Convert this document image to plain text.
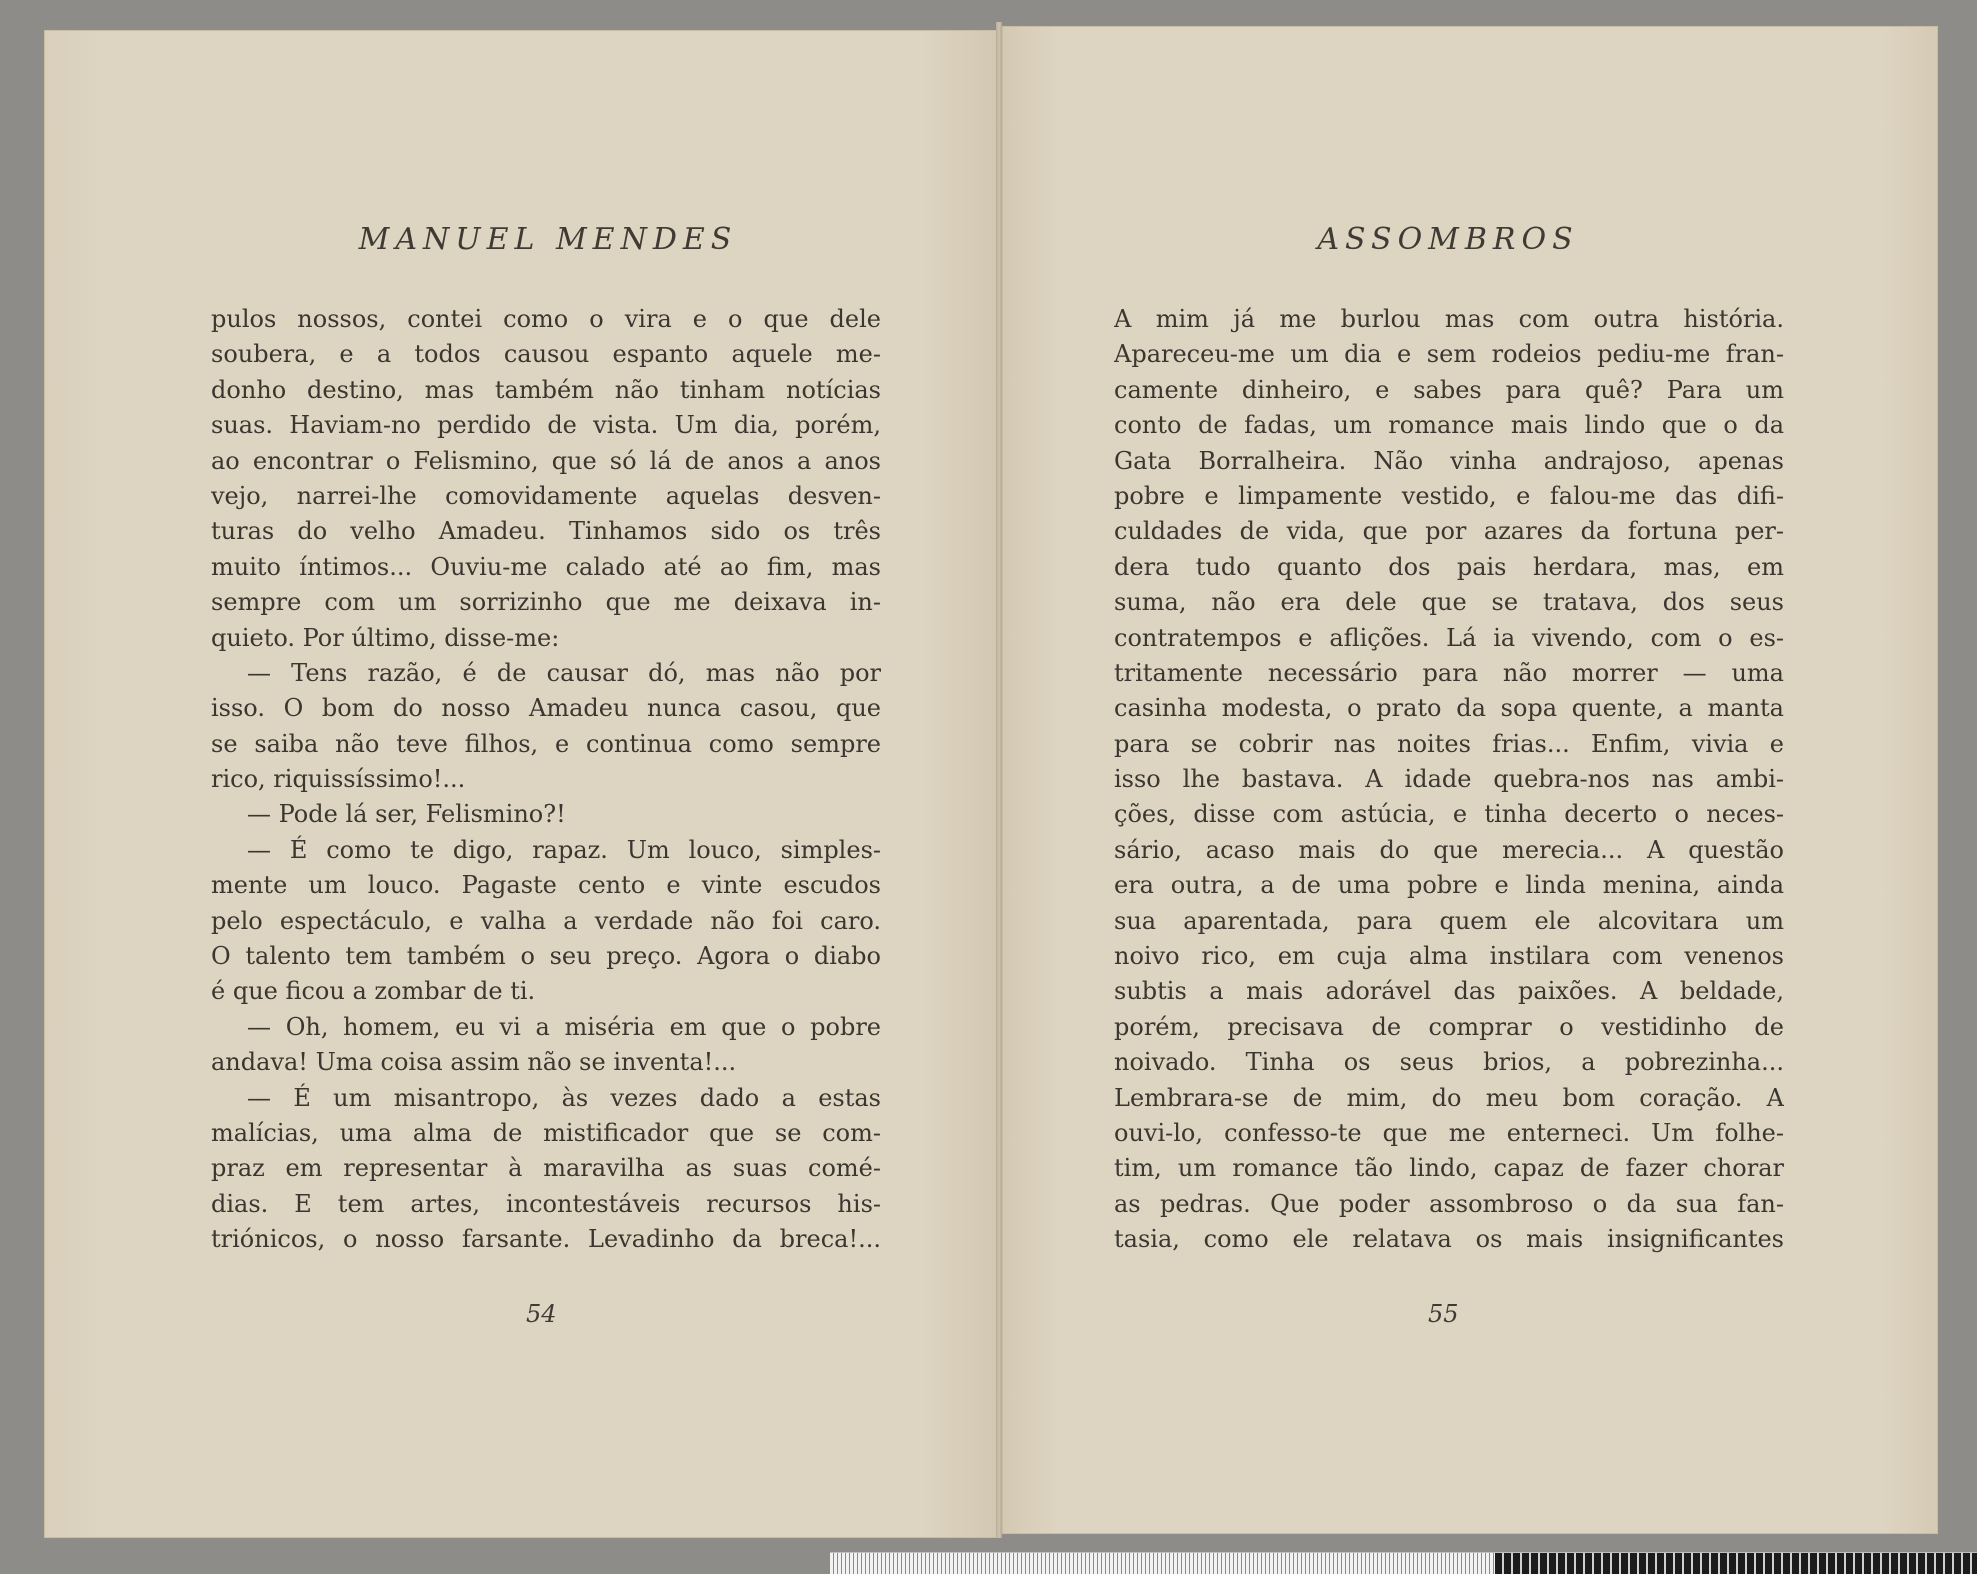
MANUEL MENDES	ASSOMBROS
pulos nossos, contei como o vira e o que dele
soubera, e a todos causou espanto aquele me-
donho destino, mas também não tinham notícias
suas. Haviam-no perdido de vista. Um dia, porém,
ao encontrar o Felismino, que só lá de anos a anos
vejo, narrei-lhe comovidamente aquelas desven-
turas do velho Amadeu. Tinhamos sido os três
muito íntimos... Ouviu-me calado até ao fim, mas
sempre com um sorrizinho que me deixava in-
quieto. Por último, disse-me:
— Tens razão, é de causar dó, mas não por
isso. O bom do nosso Amadeu nunca casou, que
se saiba não teve filhos, e continua como sempre
rico, riquissíssimo!...
— Pode lá ser, Felismino?!
— É como te digo, rapaz. Um louco, simples-
mente um louco. Pagaste cento e vinte escudos
pelo espectáculo, e valha a verdade não foi caro.
O talento tem também o seu preço. Agora o diabo
é que ficou a zombar de ti.
— Oh, homem, eu vi a miséria em que o pobre
andava! Uma coisa assim não se inventa!...
— É um misantropo, às vezes dado a estas
malícias, uma alma de mistificador que se com-
praz em representar à maravilha as suas comé-
dias. E tem artes, incontestáveis recursos his-
triónicos, o nosso farsante. Levadinho da breca!...
A mim já me burlou mas com outra história.
Apareceu-me um dia e sem rodeios pediu-me fran-
camente dinheiro, e sabes para quê? Para um
conto de fadas, um romance mais lindo que o da
Gata Borralheira. Não vinha andrajoso, apenas
pobre e limpamente vestido, e falou-me das difi-
culdades de vida, que por azares da fortuna per-
dera tudo quanto dos pais herdara, mas, em
suma, não era dele que se tratava, dos seus
contratempos e aflições. Lá ia vivendo, com o es-
tritamente necessário para não morrer — uma
casinha modesta, o prato da sopa quente, a manta
para se cobrir nas noites frias... Enfim, vivia e
isso lhe bastava. A idade quebra-nos nas ambi-
ções, disse com astúcia, e tinha decerto o neces-
sário, acaso mais do que merecia... A questão
era outra, a de uma pobre e linda menina, ainda
sua aparentada, para quem ele alcovitara um
noivo rico, em cuja alma instilara com venenos
subtis a mais adorável das paixões. A beldade,
porém, precisava de comprar o vestidinho de
noivado. Tinha os seus brios, a pobrezinha...
Lembrara-se de mim, do meu bom coração. A
ouvi-lo, confesso-te que me enterneci. Um folhe-
tim, um romance tão lindo, capaz de fazer chorar
as pedras. Que poder assombroso o da sua fan-
tasia, como ele relatava os mais insignificantes
54	55
